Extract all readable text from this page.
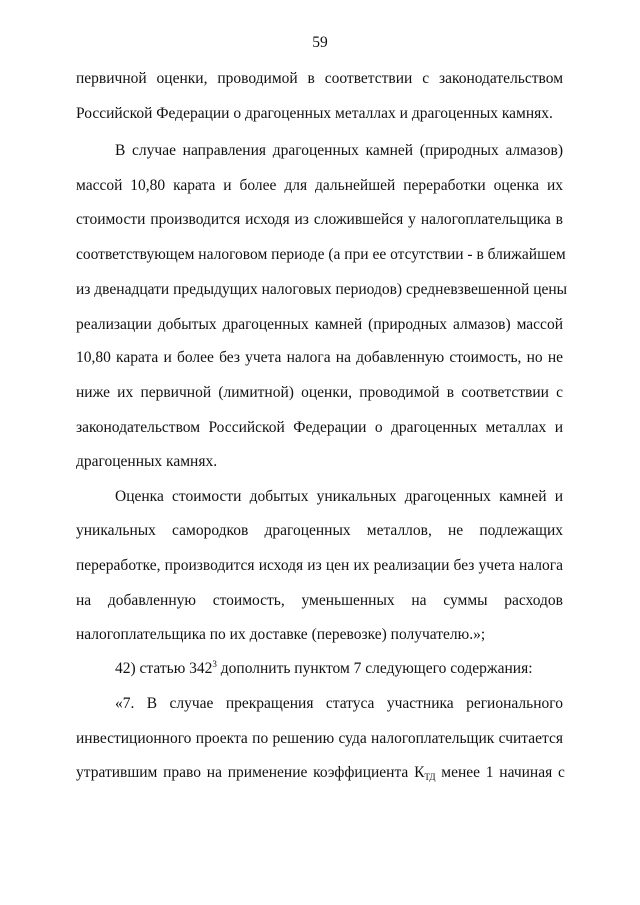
59
первичной оценки, проводимой в соответствии с законодательством
Российской Федерации о драгоценных металлах и драгоценных камнях.
В случае направления драгоценных камней (природных алмазов)
массой 10,80 карата и более для дальнейшей переработки оценка их
стоимости производится исходя из сложившейся у налогоплательщика в
соответствующем налоговом периоде (а при ее отсутствии - в ближайшем
из двенадцати предыдущих налоговых периодов) средневзвешенной цены
реализации добытых драгоценных камней (природных алмазов) массой
10,80 карата и более без учета налога на добавленную стоимость, но не
ниже их первичной (лимитной) оценки, проводимой в соответствии с
законодательством Российской Федерации о драгоценных металлах и
драгоценных камнях.
Оценка стоимости добытых уникальных драгоценных камней и
уникальных самородков драгоценных металлов, не подлежащих
переработке, производится исходя из цен их реализации без учета налога
на добавленную стоимость, уменьшенных на суммы расходов
налогоплательщика по их доставке (перевозке) получателю.»;
42) статью $342^3$ дополнить пунктом 7 следующего содержания:
«7. В случае прекращения статуса участника регионального
инвестиционного проекта по решению суда налогоплательщик считается
утратившим право на применение коэффициента $К_{ТД}$ менее 1 начиная с
